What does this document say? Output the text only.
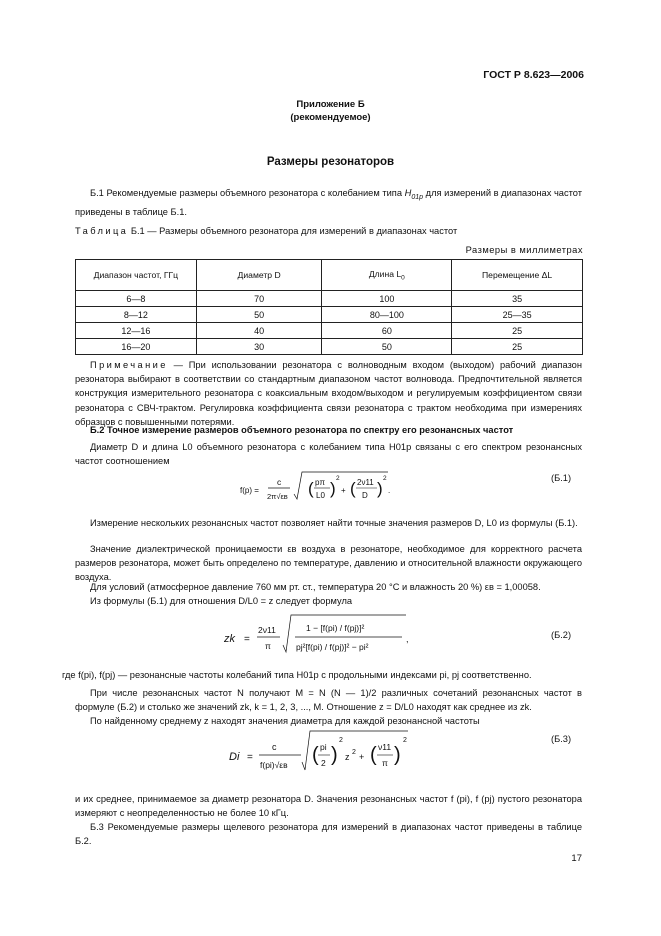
ГОСТ Р 8.623—2006
Приложение Б
(рекомендуемое)
Размеры резонаторов

Б.1 Рекомендуемые размеры объемного резонатора с колебанием типа $H_{01p}$ для измерений в диапазонах частот приведены в таблице Б.1.

Таблица Б.1 — Размеры объемного резонатора для измерений в диапазонах частот
Размеры в миллиметрах
Диапазон частот, ГГц	Диаметр D	Длина $L_0$	Перемещение ΔL
6—8	70	100	35
8—12	50	80—100	25—35
12—16	40	60	25
16—20	30	50	25

Примечание — При использовании резонатора с волноводным входом (выходом) рабочий диапазон резонатора выбирают в соответствии со стандартным диапазоном частот волновода. Предпочтительной является конструкция измерительного резонатора с коаксиальным входом/выходом и регулируемым коэффициентом связи резонатора с СВЧ-трактом. Регулировка коэффициента связи резонатора с трактом необходима при измерениях образцов с повышенными потерями.

Б.2 Точное измерение размеров объемного резонатора по спектру его резонансных частот

Диаметр D и длина L0 объемного резонатора с колебанием типа H01p связаны с его спектром резонансных частот соотношением

f(p) =
c
2π√εв ( pπ
L0 )
2
+ ( 2ν11
D )
2
.
(Б.1)

Измерение нескольких резонансных частот позволяет найти точные значения размеров D, L0 из формулы (Б.1).

Значение диэлектрической проницаемости εв воздуха в резонаторе, необходимое для корректного расчета размеров резонатора, может быть определено по температуре, давлению и относительной влажности окружающего воздуха.

Для условий (атмосферное давление 760 мм рт. ст., температура 20 °С и влажность 20 %) εв = 1,00058.

Из формулы (Б.1) для отношения D/L0 = z следует формула

zk =
2ν11
π
1 − [f(pi) / f(pj)]²
pj²[f(pi) / f(pj)]² − pi²
,	(Б.2)

где f(pi), f(pj) — резонансные частоты колебаний типа H01p с продольными индексами pi, pj соответственно.

При числе резонансных частот N получают M = N (N — 1)/2 различных сочетаний резонансных частот в формуле (Б.2) и столько же значений zk, k = 1, 2, 3, ..., M. Отношение z = D/L0 находят как среднее из zk.

По найденному среднему z находят значения диаметра для каждой резонансной частоты

Di =
c
f(pi)√εв ( pi
2 )
2
z 2 + ( ν11
π )
2	(Б.3)

и их среднее, принимаемое за диаметр резонатора D. Значения резонансных частот f (pi), f (pj) пустого резонатора измеряют с неопределенностью не более 10 кГц.

Б.3 Рекомендуемые размеры щелевого резонатора для измерений в диапазонах частот приведены в таблице Б.2.

17
